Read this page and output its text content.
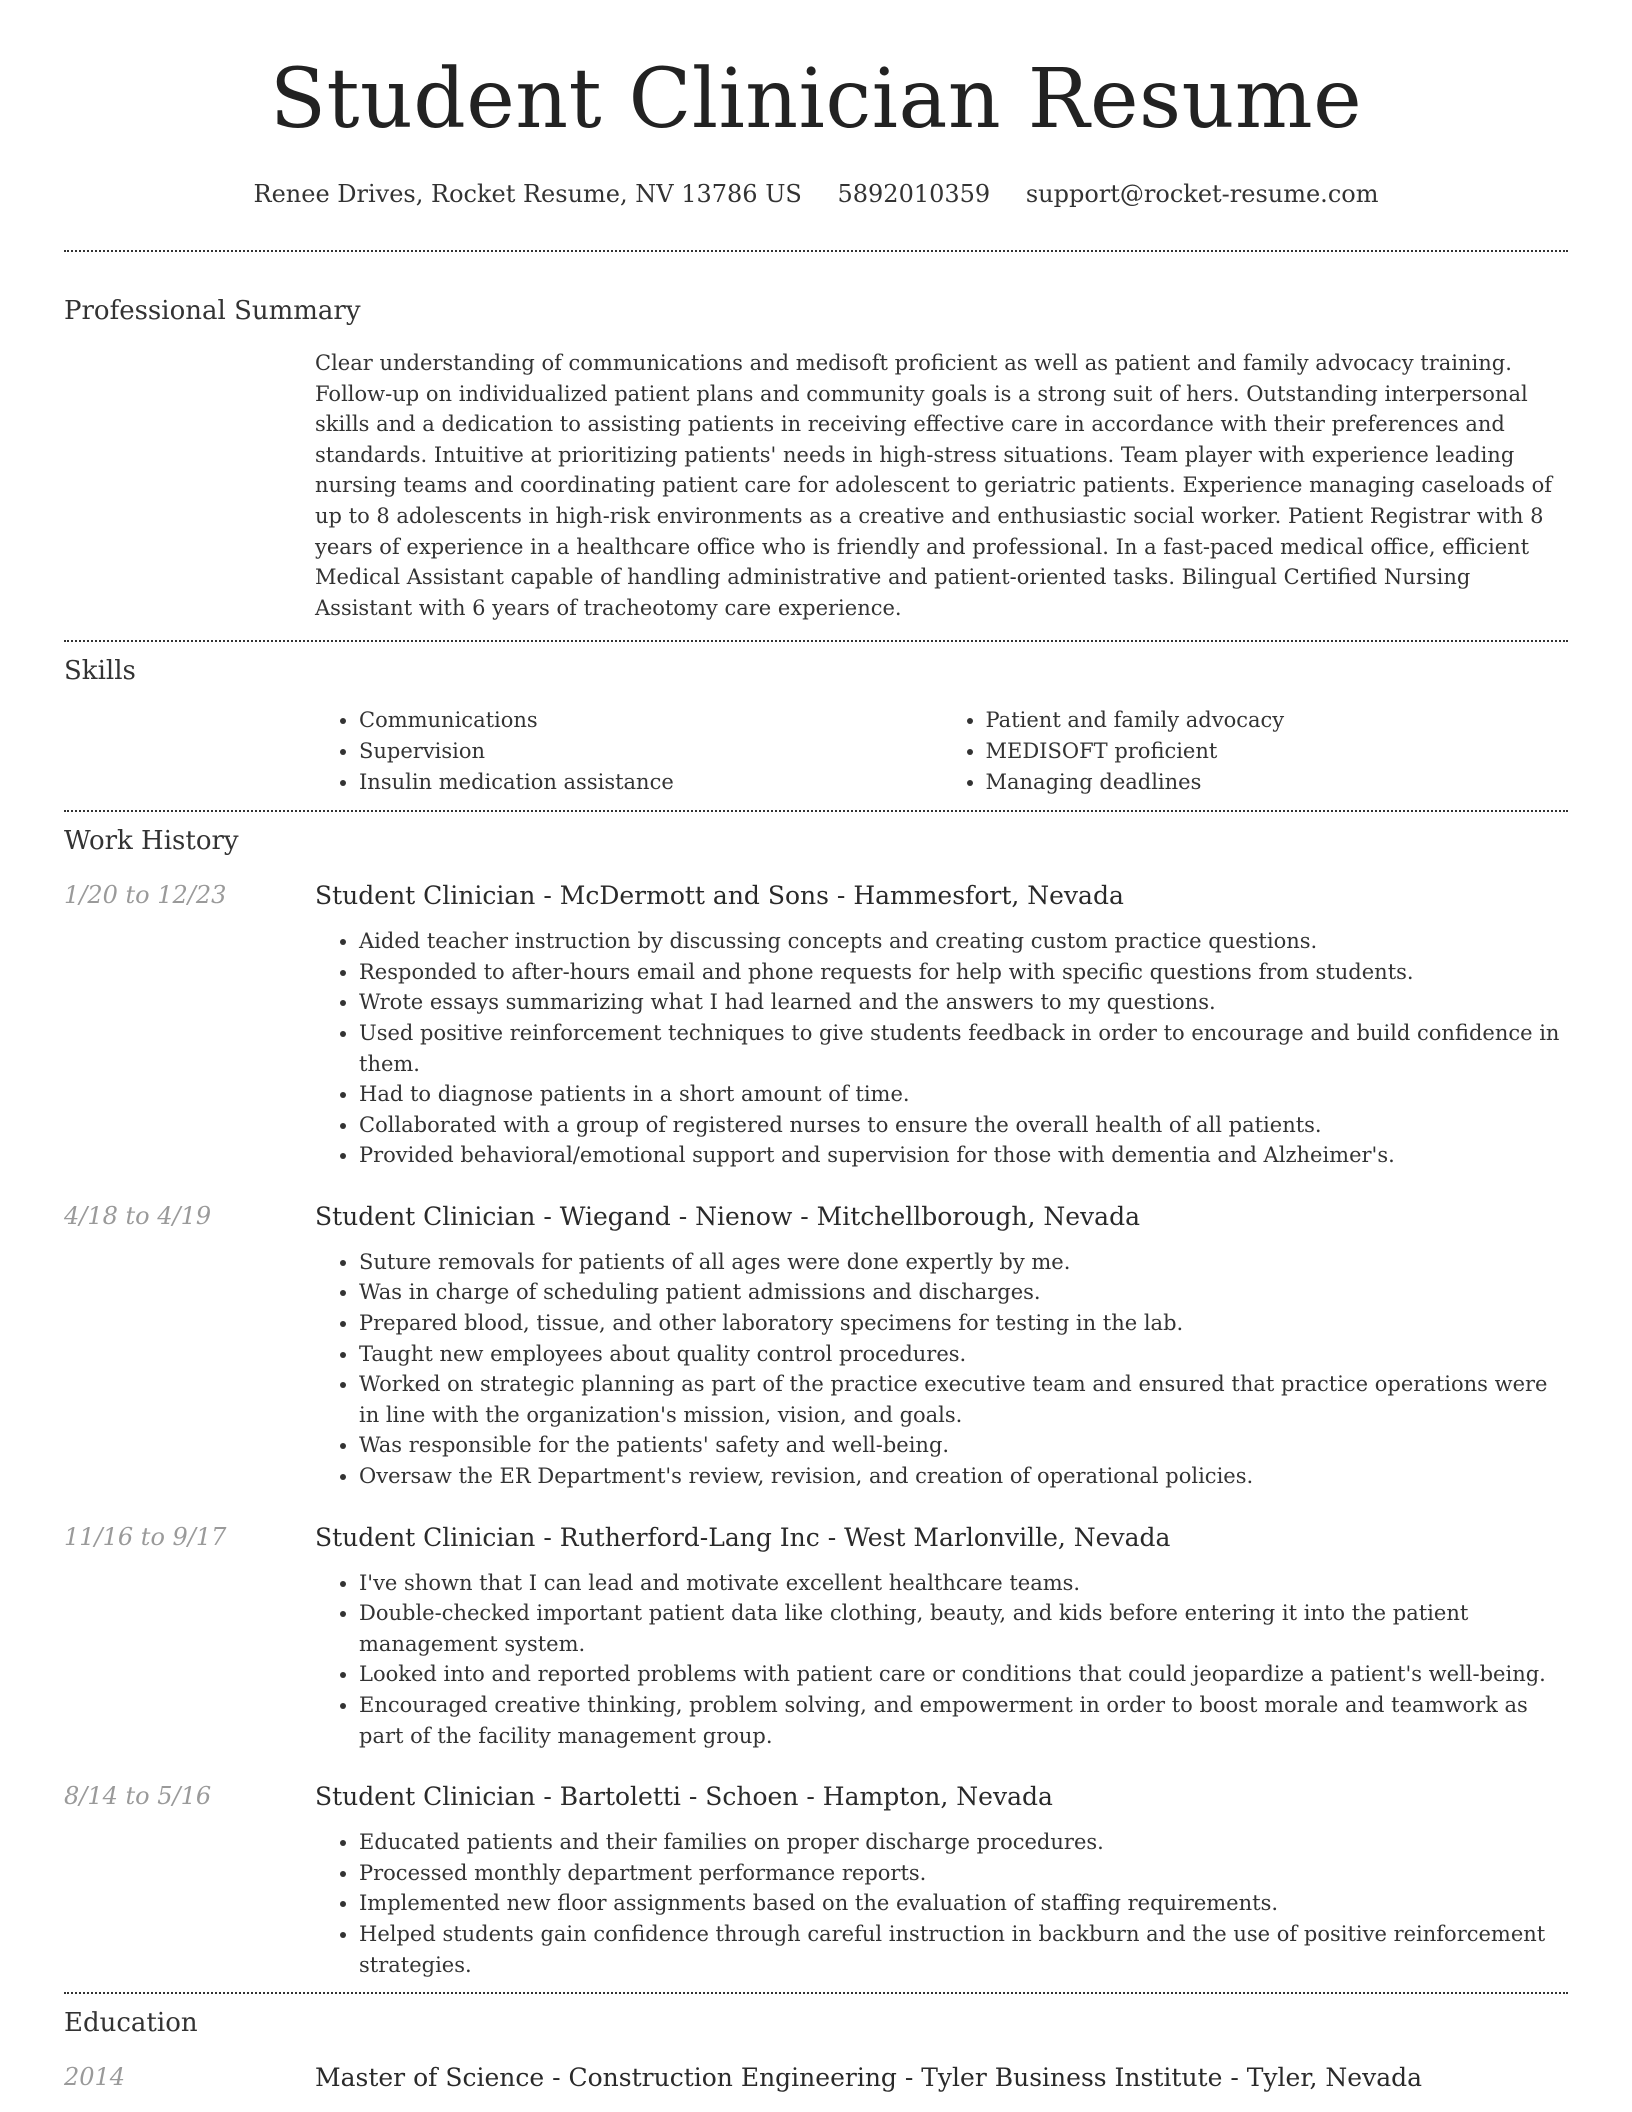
Student Clinician Resume
Renee Drives, Rocket Resume, NV 13786 US 5892010359 support@rocket-resume.com
Professional Summary

Clear understanding of communications and medisoft proficient as well as patient and family advocacy training. Follow-up on individualized patient plans and community goals is a strong suit of hers. Outstanding interpersonal skills and a dedication to assisting patients in receiving effective care in accordance with their preferences and standards. Intuitive at prioritizing patients' needs in high-stress situations. Team player with experience leading nursing teams and coordinating patient care for adolescent to geriatric patients. Experience managing caseloads of up to 8 adolescents in high-risk environments as a creative and enthusiastic social worker. Patient Registrar with 8 years of experience in a healthcare office who is friendly and professional. In a fast-paced medical office, efficient Medical Assistant capable of handling administrative and patient-oriented tasks. Bilingual Certified Nursing Assistant with 6 years of tracheotomy care experience.

Skills
• Communications
• Supervision
• Insulin medication assistance
• Patient and family advocacy
• MEDISOFT proficient
• Managing deadlines
Work History
1/20 to 12/23	Student Clinician - McDermott and Sons - Hammesfort, Nevada
• Aided teacher instruction by discussing concepts and creating custom practice questions.
• Responded to after-hours email and phone requests for help with specific questions from students.
• Wrote essays summarizing what I had learned and the answers to my questions.
• Used positive reinforcement techniques to give students feedback in order to encourage and build confidence in them.
• Had to diagnose patients in a short amount of time.
• Collaborated with a group of registered nurses to ensure the overall health of all patients.
• Provided behavioral/emotional support and supervision for those with dementia and Alzheimer's.
4/18 to 4/19	Student Clinician - Wiegand - Nienow - Mitchellborough, Nevada
• Suture removals for patients of all ages were done expertly by me.
• Was in charge of scheduling patient admissions and discharges.
• Prepared blood, tissue, and other laboratory specimens for testing in the lab.
• Taught new employees about quality control procedures.
• Worked on strategic planning as part of the practice executive team and ensured that practice operations were in line with the organization's mission, vision, and goals.
• Was responsible for the patients' safety and well-being.
• Oversaw the ER Department's review, revision, and creation of operational policies.
11/16 to 9/17	Student Clinician - Rutherford-Lang Inc - West Marlonville, Nevada
• I've shown that I can lead and motivate excellent healthcare teams.
• Double-checked important patient data like clothing, beauty, and kids before entering it into the patient management system.
• Looked into and reported problems with patient care or conditions that could jeopardize a patient's well-being.
• Encouraged creative thinking, problem solving, and empowerment in order to boost morale and teamwork as part of the facility management group.
8/14 to 5/16	Student Clinician - Bartoletti - Schoen - Hampton, Nevada
• Educated patients and their families on proper discharge procedures.
• Processed monthly department performance reports.
• Implemented new floor assignments based on the evaluation of staffing requirements.
• Helped students gain confidence through careful instruction in backburn and the use of positive reinforcement strategies.
Education
2014	Master of Science - Construction Engineering - Tyler Business Institute - Tyler, Nevada
